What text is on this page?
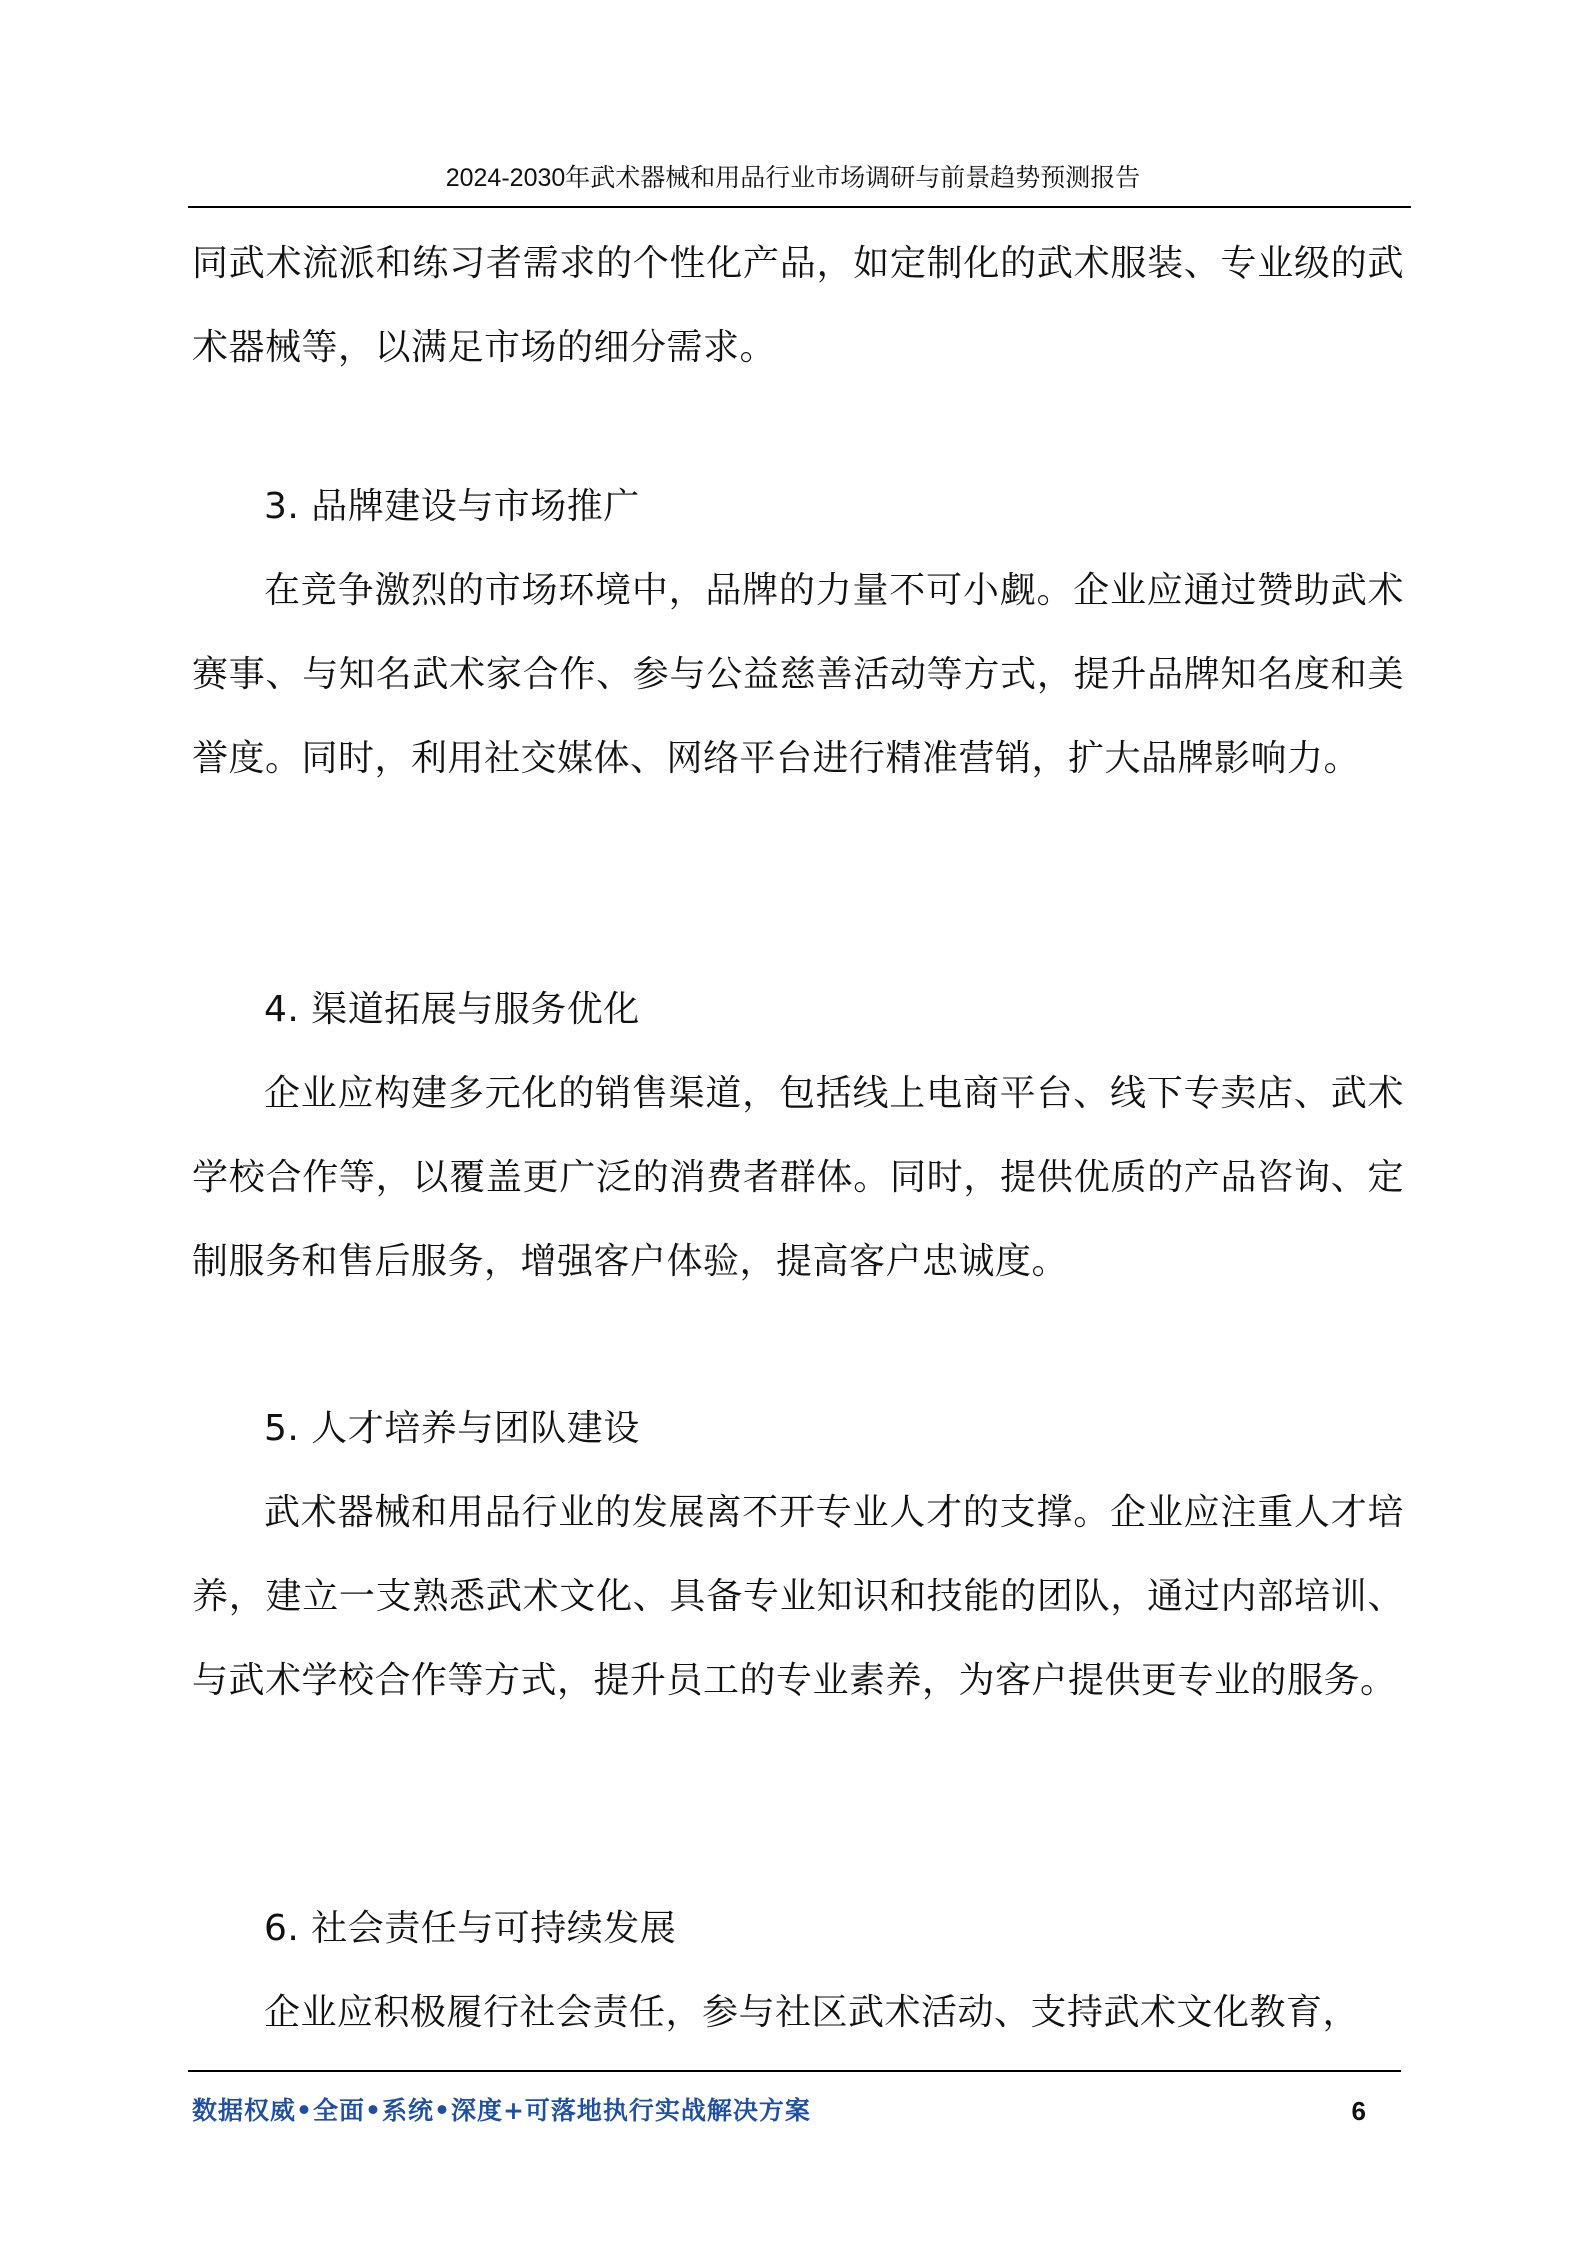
2024-2030年武术器械和用品行业市场调研与前景趋势预测报告

同武术流派和练习者需求的个性化产品，如定制化的武术服装、专业级的武术器械等，以满足市场的细分需求。

3. 品牌建设与市场推广

在竞争激烈的市场环境中，品牌的力量不可小觑。企业应通过赞助武术赛事、与知名武术家合作、参与公益慈善活动等方式，提升品牌知名度和美誉度。同时，利用社交媒体、网络平台进行精准营销，扩大品牌影响力。

4. 渠道拓展与服务优化

企业应构建多元化的销售渠道，包括线上电商平台、线下专卖店、武术学校合作等，以覆盖更广泛的消费者群体。同时，提供优质的产品咨询、定制服务和售后服务，增强客户体验，提高客户忠诚度。

5. 人才培养与团队建设

武术器械和用品行业的发展离不开专业人才的支撑。企业应注重人才培养，建立一支熟悉武术文化、具备专业知识和技能的团队，通过内部培训、与武术学校合作等方式，提升员工的专业素养，为客户提供更专业的服务。

6. 社会责任与可持续发展

企业应积极履行社会责任，参与社区武术活动、支持武术文化教育，

数据权威•全面•系统•深度+可落地执行实战解决方案	6
